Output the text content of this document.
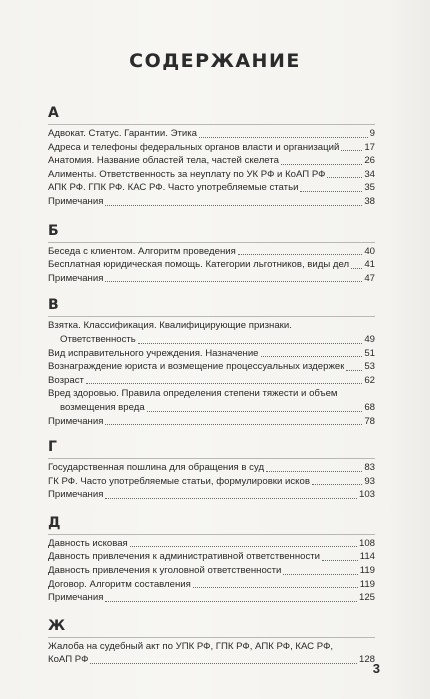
СОДЕРЖАНИЕ
А
Адвокат. Статус. Гарантии. Этика	9
Адреса и телефоны федеральных органов власти и организаций	17
Анатомия. Название областей тела, частей скелета	26
Алименты. Ответственность за неуплату по УК РФ и КоАП РФ	34
АПК РФ. ГПК РФ. КАС РФ. Часто употребляемые статьи	35
Примечания	38
Б
Беседа с клиентом. Алгоритм проведения	40
Бесплатная юридическая помощь. Категории льготников, виды дел 41
Примечания	47
В
Взятка. Классификация. Квалифицирующие признаки.
Ответственность	49
Вид исправительного учреждения. Назначение	51
Вознаграждение юриста и возмещение процессуальных издержек 53
Возраст	62
Вред здоровью. Правила определения степени тяжести и объем
возмещения вреда	68
Примечания	78
Г
Государственная пошлина для обращения в суд	83
ГК РФ. Часто употребляемые статьи, формулировки исков	93
Примечания	103
Д
Давность исковая	108
Давность привлечения к административной ответственности	114
Давность привлечения к уголовной ответственности	119
Договор. Алгоритм составления	119
Примечания	125
Ж
Жалоба на судебный акт по УПК РФ, ГПК РФ, АПК РФ, КАС РФ,
КоАП РФ	128
3
